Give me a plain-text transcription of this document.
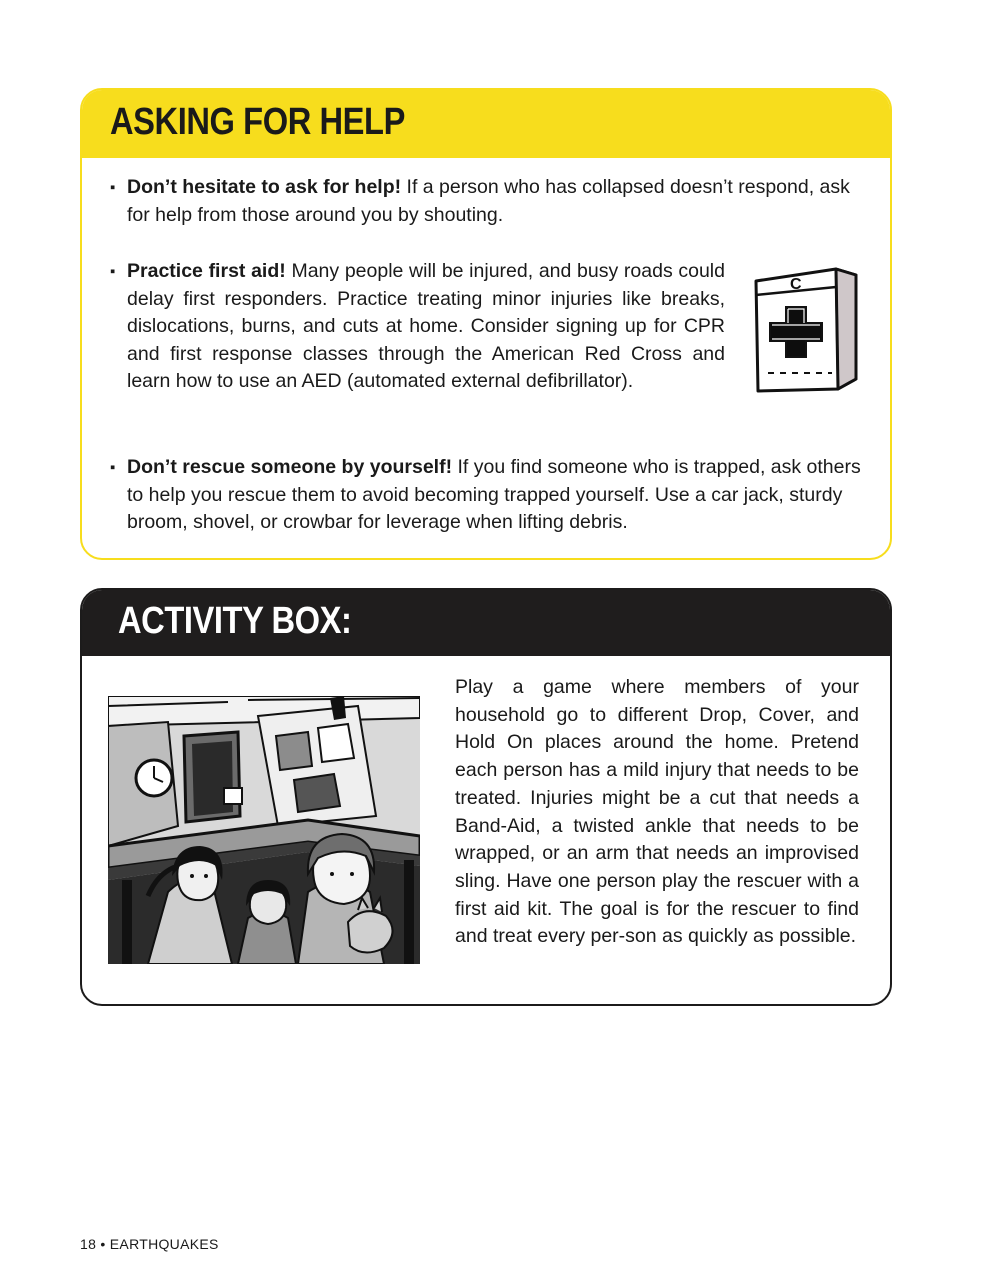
ASKING FOR HELP
▪ Don’t hesitate to ask for help! If a person who has collapsed doesn’t respond, ask for help from those around you by shouting.

▪ Practice first aid! Many people will be injured, and busy roads could delay first responders. Practice treating minor injuries like breaks, dislocations, burns, and cuts at home. Consider signing up for CPR and first response classes through the American Red Cross and learn how to use an AED (automated external defibrillator).

C
▪ Don’t rescue someone by yourself! If you find someone who is trapped, ask others to help you rescue them to avoid becoming trapped yourself. Use a car jack, sturdy broom, shovel, or crowbar for leverage when lifting debris.

ACTIVITY BOX:

Play a game where members of your household go to different Drop, Cover, and Hold On places around the home. Pretend each person has a mild injury that needs to be treated. Injuries might be a cut that needs a Band-Aid, a twisted ankle that needs to be wrapped, or an arm that needs an improvised sling. Have one person play the rescuer with a first aid kit. The goal is for the rescuer to find and treat every per-son as quickly as possible.

18 • EARTHQUAKES
